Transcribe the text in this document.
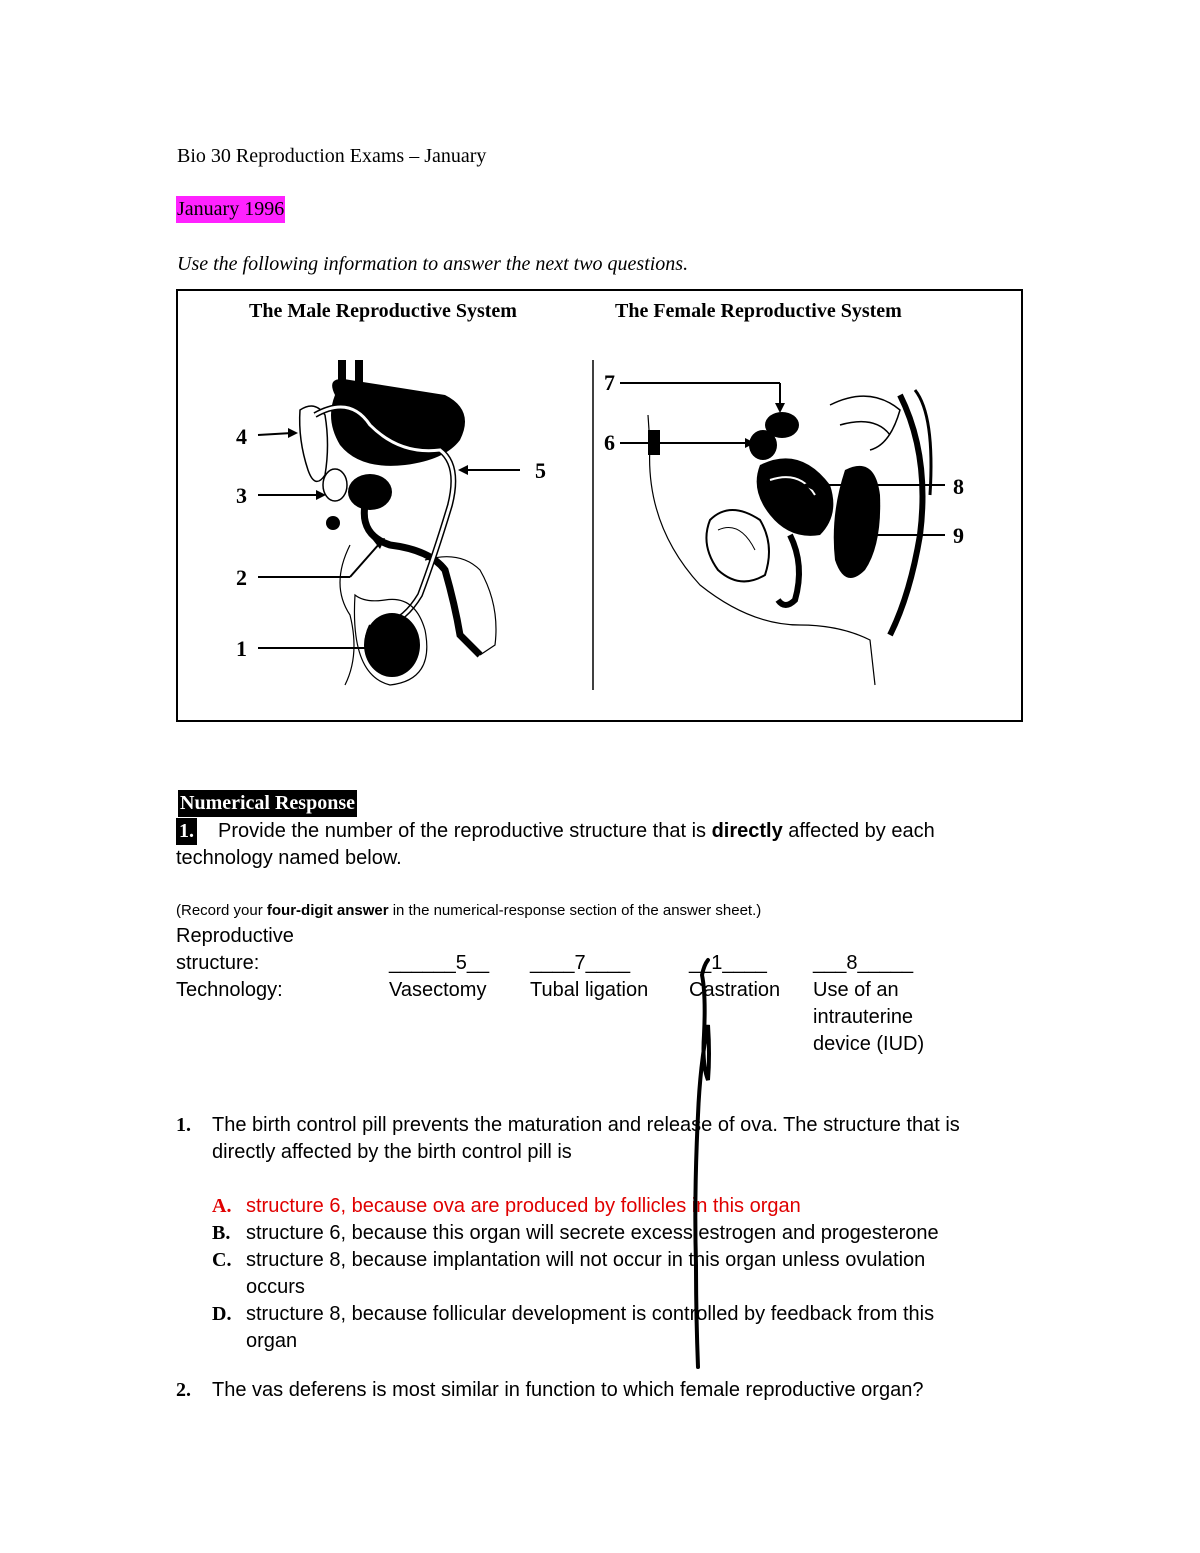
Bio 30 Reproduction Exams – January
January 1996
Use the following information to answer the next two questions.
The Male Reproductive System	The Female Reproductive System
4
3
2
1
5
7
6
8
9
Numerical Response
Provide the number of the reproductive structure that is directly affected by each technology named below.
1.
(Record your four-digit answer in the numerical-response section of the answer sheet.)
Reproductive
structure:
Technology:
______5__ ____7____	__1____ ___8_____
Vasectomy Tubal ligation Castration Use of an
intrauterine
device (IUD)
1. The birth control pill prevents the maturation and release of ova. The structure that is
directly affected by the birth control pill is
A. structure 6, because ova are produced by follicles in this organ
B. structure 6, because this organ will secrete excess estrogen and progesterone
C. structure 8, because implantation will not occur in this organ unless ovulation
occurs
D. structure 8, because follicular development is controlled by feedback from this
organ
2. The vas deferens is most similar in function to which female reproductive organ?
